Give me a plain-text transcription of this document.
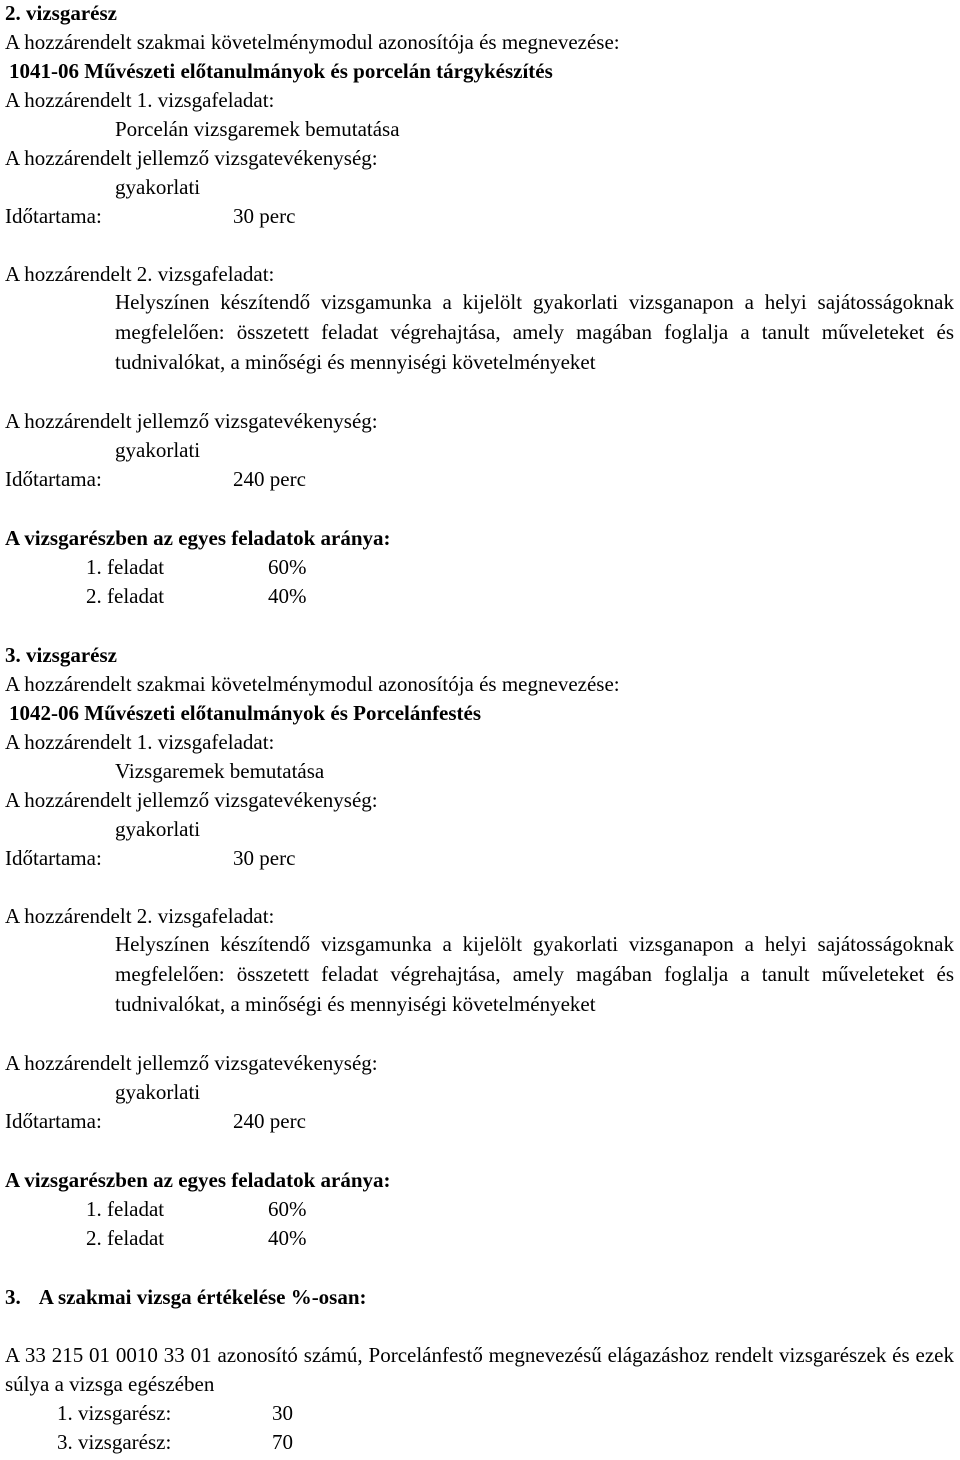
2. vizsgarész
A hozzárendelt szakmai követelménymodul azonosítója és megnevezése:
1041-06 Művészeti előtanulmányok és porcelán tárgykészítés
A hozzárendelt 1. vizsgafeladat:
Porcelán vizsgaremek bemutatása
A hozzárendelt jellemző vizsgatevékenység:
gyakorlati
Időtartama:	30 perc
A hozzárendelt 2. vizsgafeladat:
Helyszínen készítendő vizsgamunka a kijelölt gyakorlati vizsganapon a helyi sajátosságoknak megfelelően: összetett feladat végrehajtása, amely magában foglalja a tanult műveleteket és tudnivalókat, a minőségi és mennyiségi követelményeket
A hozzárendelt jellemző vizsgatevékenység:
gyakorlati
Időtartama:	240 perc
A vizsgarészben az egyes feladatok aránya:
1. feladat	60%
2. feladat	40%
3. vizsgarész
A hozzárendelt szakmai követelménymodul azonosítója és megnevezése:
1042-06 Művészeti előtanulmányok és Porcelánfestés
A hozzárendelt 1. vizsgafeladat:
Vizsgaremek bemutatása
A hozzárendelt jellemző vizsgatevékenység:
gyakorlati
Időtartama:	30 perc
A hozzárendelt 2. vizsgafeladat:
Helyszínen készítendő vizsgamunka a kijelölt gyakorlati vizsganapon a helyi sajátosságoknak megfelelően: összetett feladat végrehajtása, amely magában foglalja a tanult műveleteket és tudnivalókat, a minőségi és mennyiségi követelményeket
A hozzárendelt jellemző vizsgatevékenység:
gyakorlati
Időtartama:	240 perc
A vizsgarészben az egyes feladatok aránya:
1. feladat	60%
2. feladat	40%
3. A szakmai vizsga értékelése %-osan:
A 33 215 01 0010 33 01 azonosító számú, Porcelánfestő megnevezésű elágazáshoz rendelt vizsgarészek és ezek súlya a vizsga egészében
1. vizsgarész:	30
3. vizsgarész:	70
